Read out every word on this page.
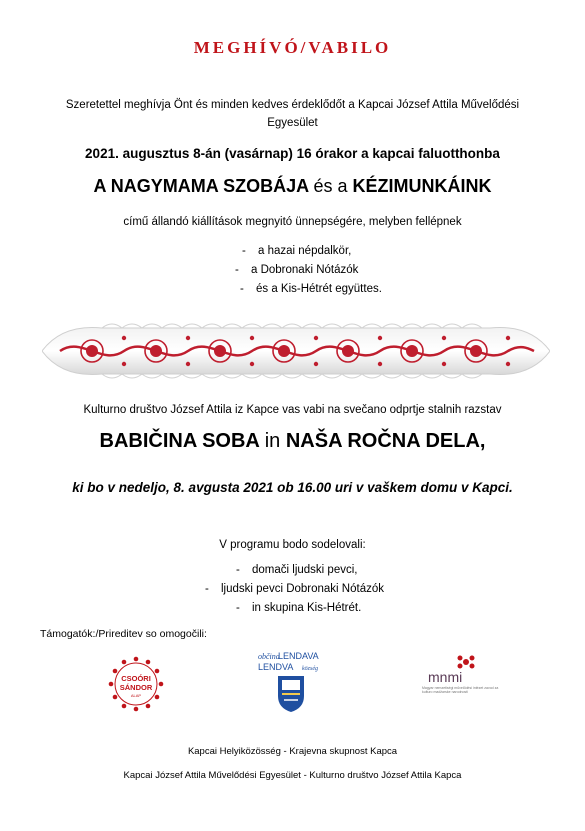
MEGHÍVÓ/VABILO
Szeretettel meghívja Önt és minden kedves érdeklődőt a Kapcai József Attila Művelődési Egyesület
2021. augusztus 8-án (vasárnap) 16 órakor a kapcai faluotthonba
A NAGYMAMA SZOBÁJA és a KÉZIMUNKÁINK
című állandó kiállítások megnyitó ünnepségére, melyben fellépnek
- a hazai népdalkör,
- a Dobronaki Nótázók
- és a Kis-Hétrét együttes.
Kulturno društvo József Attila iz Kapce vas vabi na svečano odprtje stalnih razstav
BABIČINA SOBA in NAŠA ROČNA DELA,
ki bo v nedeljo, 8. avgusta 2021 ob 16.00 uri v vaškem domu v Kapci.
V programu bodo sodelovali:
- domači ljudski pevci,
- ljudski pevci Dobronaki Nótázók
- in skupina Kis-Hétrét.
Támogatók:/Prireditev so omogočili:
CSOÓRI
SÁNDOR
ALAP
občina
LENDAVA
LENDVA község	mnmi
Magyar nemzetiségi művelődési intézet zavod za kulturo madžarske narodnosti
Kapcai Helyiközösség - Krajevna skupnost Kapca
Kapcai József Attila Művelődési Egyesület - Kulturno društvo József Attila Kapca
